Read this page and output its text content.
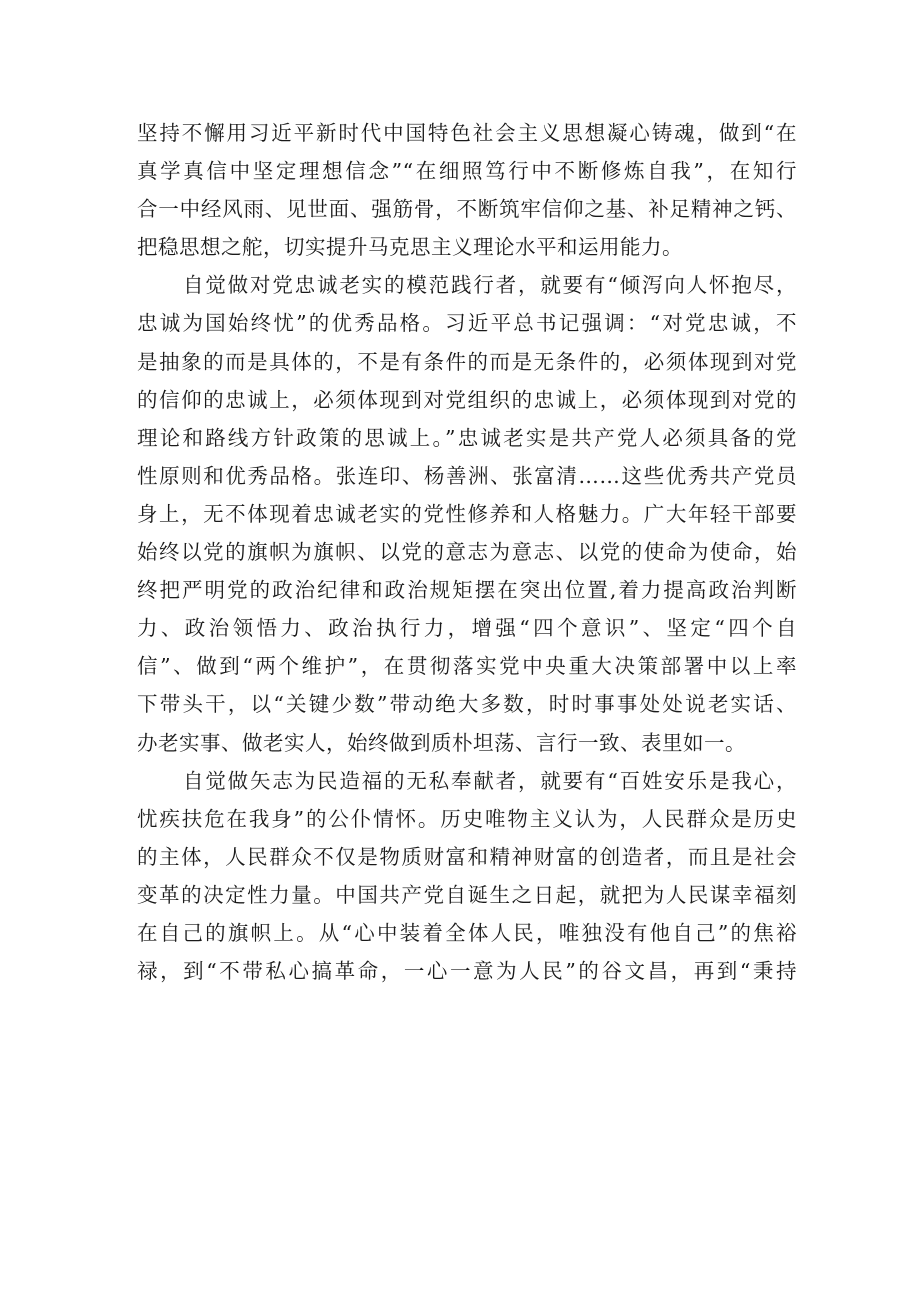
坚持不懈用习近平新时代中国特色社会主义思想凝心铸魂，做到“在
真学真信中坚定理想信念”“在细照笃行中不断修炼自我”，在知行
合一中经风雨、见世面、强筋骨，不断筑牢信仰之基、补足精神之钙、
把稳思想之舵，切实提升马克思主义理论水平和运用能力。
自觉做对党忠诚老实的模范践行者，就要有“倾泻向人怀抱尽，
忠诚为国始终忧”的优秀品格。习近平总书记强调：“对党忠诚，不
是抽象的而是具体的，不是有条件的而是无条件的，必须体现到对党
的信仰的忠诚上，必须体现到对党组织的忠诚上，必须体现到对党的
理论和路线方针政策的思诚上。”忠诚老实是共产党人必须具备的党
性原则和优秀品格。张连印、杨善洲、张富清……这些优秀共产党员
身上，无不体现着忠诚老实的党性修养和人格魅力。广大年轻干部要
始终以党的旗帜为旗帜、以党的意志为意志、以党的使命为使命，始
终把严明党的政治纪律和政治规矩摆在突出位置,着力提高政治判断
力、政治领悟力、政治执行力，增强“四个意识”、坚定“四个自
信”、做到“两个维护”，在贯彻落实党中央重大决策部署中以上率
下带头干，以“关键少数”带动绝大多数，时时事事处处说老实话、
办老实事、做老实人，始终做到质朴坦荡、言行一致、表里如一。
自觉做矢志为民造福的无私奉献者，就要有“百姓安乐是我心，
忧疾扶危在我身”的公仆情怀。历史唯物主义认为，人民群众是历史
的主体，人民群众不仅是物质财富和精神财富的创造者，而且是社会
变革的决定性力量。中国共产党自诞生之日起，就把为人民谋幸福刻
在自己的旗帜上。从“心中装着全体人民，唯独没有他自己”的焦裕
禄，到“不带私心搞革命，一心一意为人民”的谷文昌，再到“秉持
